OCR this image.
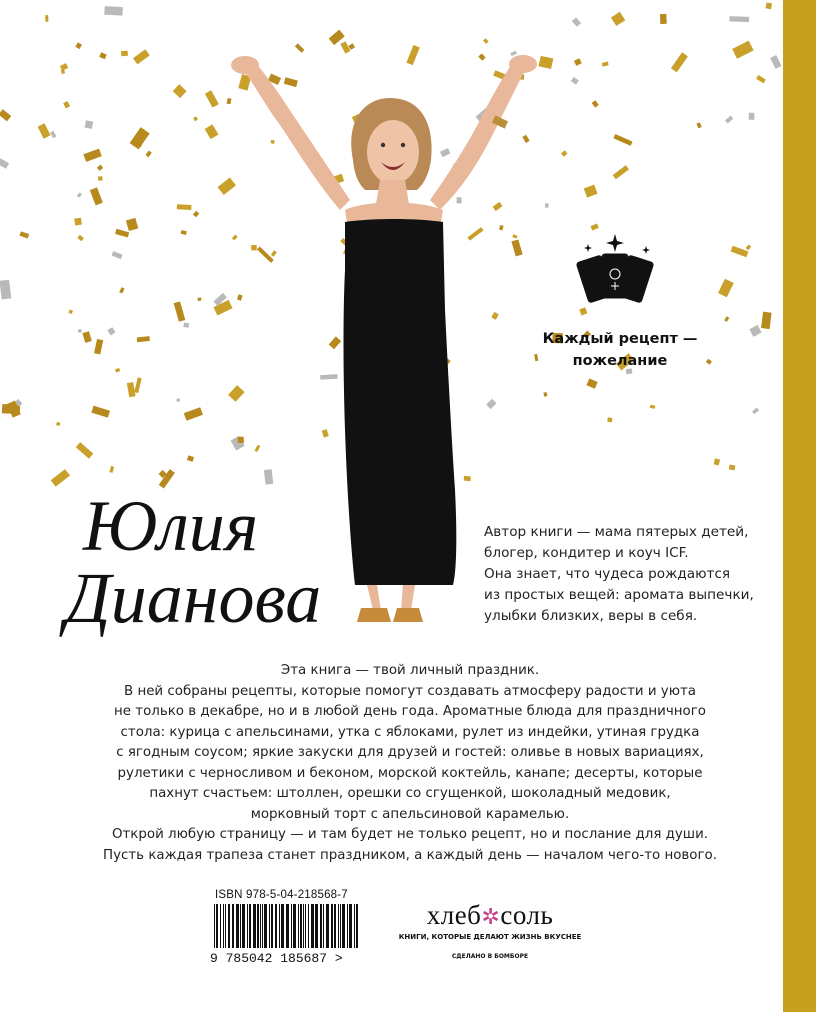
Каждый рецепт —
пожелание
Юлия
Дианова
Автор книги — мама пятерых детей,
блогер, кондитер и коуч ICF.
Она знает, что чудеса рождаются
из простых вещей: аромата выпечки,
улыбки близких, веры в себя.

Эта книга — твой личный праздник.

В ней собраны рецепты, которые помогут создавать атмосферу радости и уюта

не только в декабре, но и в любой день года. Ароматные блюда для праздничного

стола: курица с апельсинами, утка с яблоками, рулет из индейки, утиная грудка

с ягодным соусом; яркие закуски для друзей и гостей: оливье в новых вариациях,

рулетики с черносливом и беконом, морской коктейль, канапе; десерты, которые

пахнут счастьем: штоллен, орешки со сгущенкой, шоколадный медовик,

морковный торт с апельсиновой карамелью.

Открой любую страницу — и там будет не только рецепт, но и послание для души.

Пусть каждая трапеза станет праздником, а каждый день — началом чего-то нового.

ISBN 978-5-04-218568-7
9 785042 185687 >
хлеб✲соль
КНИГИ, КОТОРЫЕ ДЕЛАЮТ ЖИЗНЬ ВКУСНЕЕ
СДЕЛАНО В БОМБОРЕ
